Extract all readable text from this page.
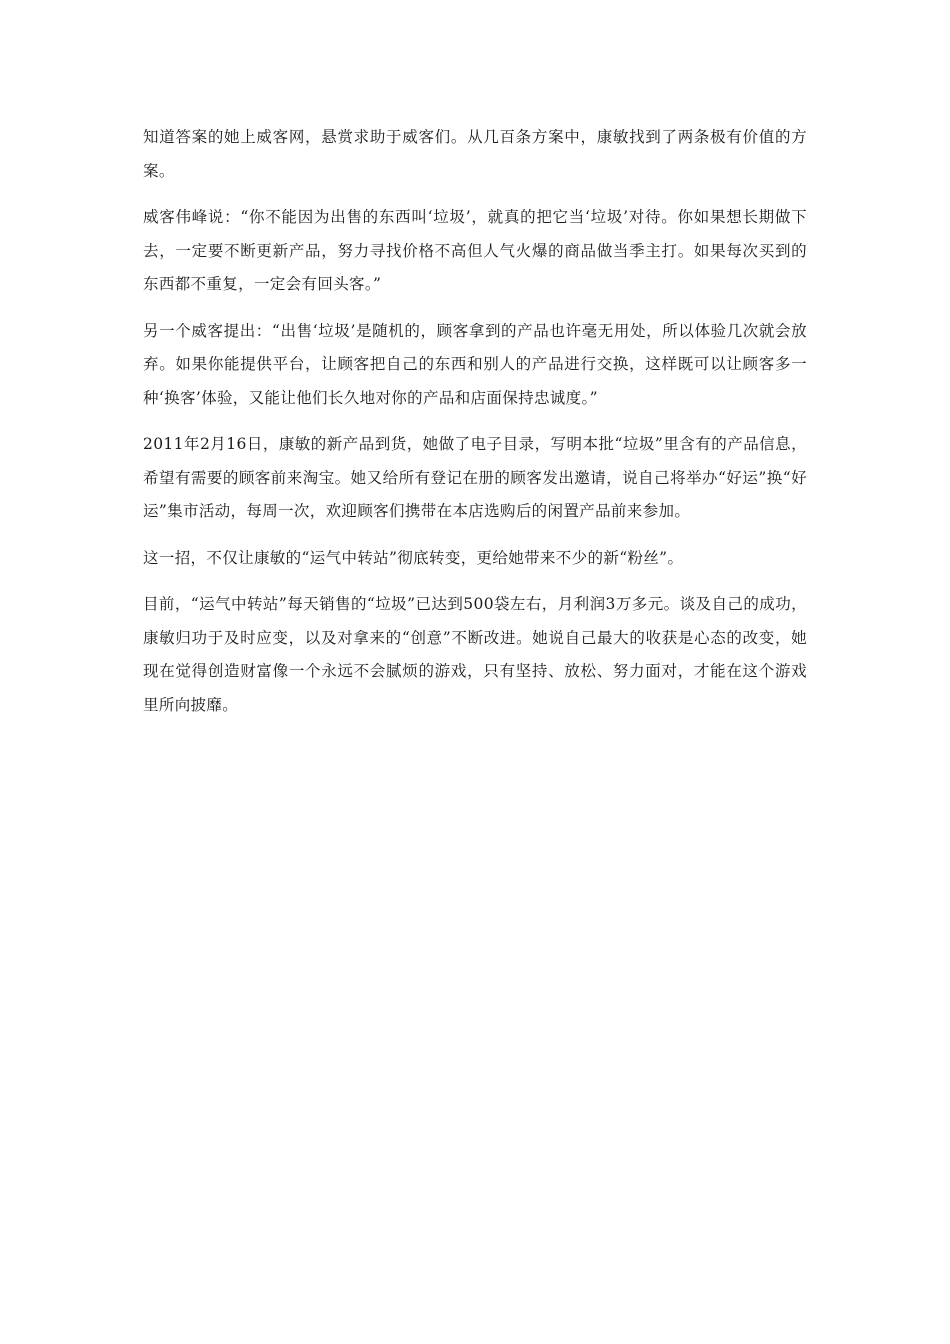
知道答案的她上威客网，悬赏求助于威客们。从几百条方案中，康敏找到了两条极有价值的方案。

威客伟峰说：“你不能因为出售的东西叫‘垃圾’，就真的把它当‘垃圾’对待。你如果想长期做下去，一定要不断更新产品，努力寻找价格不高但人气火爆的商品做当季主打。如果每次买到的东西都不重复，一定会有回头客。”

另一个威客提出：“出售‘垃圾’是随机的，顾客拿到的产品也许毫无用处，所以体验几次就会放弃。如果你能提供平台，让顾客把自己的东西和别人的产品进行交换，这样既可以让顾客多一种‘换客’体验，又能让他们长久地对你的产品和店面保持忠诚度。”

2011年2月16日，康敏的新产品到货，她做了电子目录，写明本批“垃圾”里含有的产品信息，希望有需要的顾客前来淘宝。她又给所有登记在册的顾客发出邀请，说自己将举办“好运”换“好运”集市活动，每周一次，欢迎顾客们携带在本店选购后的闲置产品前来参加。

这一招，不仅让康敏的“运气中转站”彻底转变，更给她带来不少的新“粉丝”。

目前，“运气中转站”每天销售的“垃圾”已达到500袋左右，月利润3万多元。谈及自己的成功，康敏归功于及时应变，以及对拿来的“创意”不断改进。她说自己最大的收获是心态的改变，她现在觉得创造财富像一个永远不会腻烦的游戏，只有坚持、放松、努力面对，才能在这个游戏里所向披靡。
